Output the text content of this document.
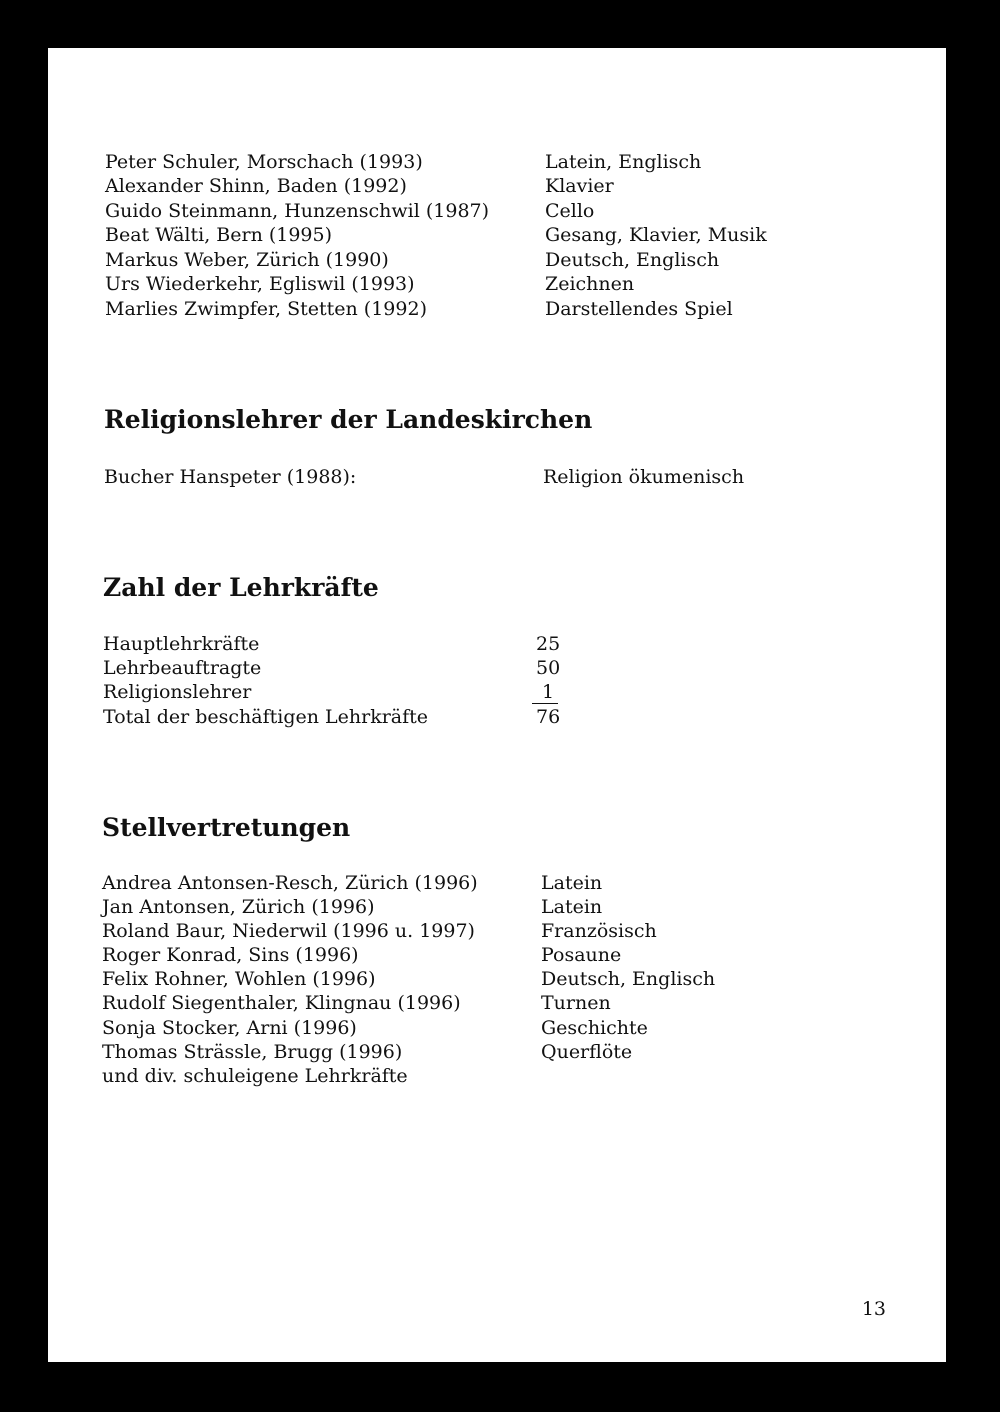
Peter Schuler, Morschach (1993)	Latein, Englisch
Alexander Shinn, Baden (1992)	Klavier
Guido Steinmann, Hunzenschwil (1987)	Cello
Beat Wälti, Bern (1995)	Gesang, Klavier, Musik
Markus Weber, Zürich (1990)	Deutsch, Englisch
Urs Wiederkehr, Egliswil (1993)	Zeichnen
Marlies Zwimpfer, Stetten (1992)	Darstellendes Spiel
Religionslehrer der Landeskirchen
Bucher Hanspeter (1988):	Religion ökumenisch
Zahl der Lehrkräfte
Hauptlehrkräfte	25
Lehrbeauftragte	50
Religionslehrer	1
Total der beschäftigen Lehrkräfte	76
Stellvertretungen
Andrea Antonsen-Resch, Zürich (1996)	Latein
Jan Antonsen, Zürich (1996)	Latein
Roland Baur, Niederwil (1996 u. 1997)	Französisch
Roger Konrad, Sins (1996)	Posaune
Felix Rohner, Wohlen (1996)	Deutsch, Englisch
Rudolf Siegenthaler, Klingnau (1996)	Turnen
Sonja Stocker, Arni (1996)	Geschichte
Thomas Strässle, Brugg (1996)	Querflöte
und div. schuleigene Lehrkräfte
13
